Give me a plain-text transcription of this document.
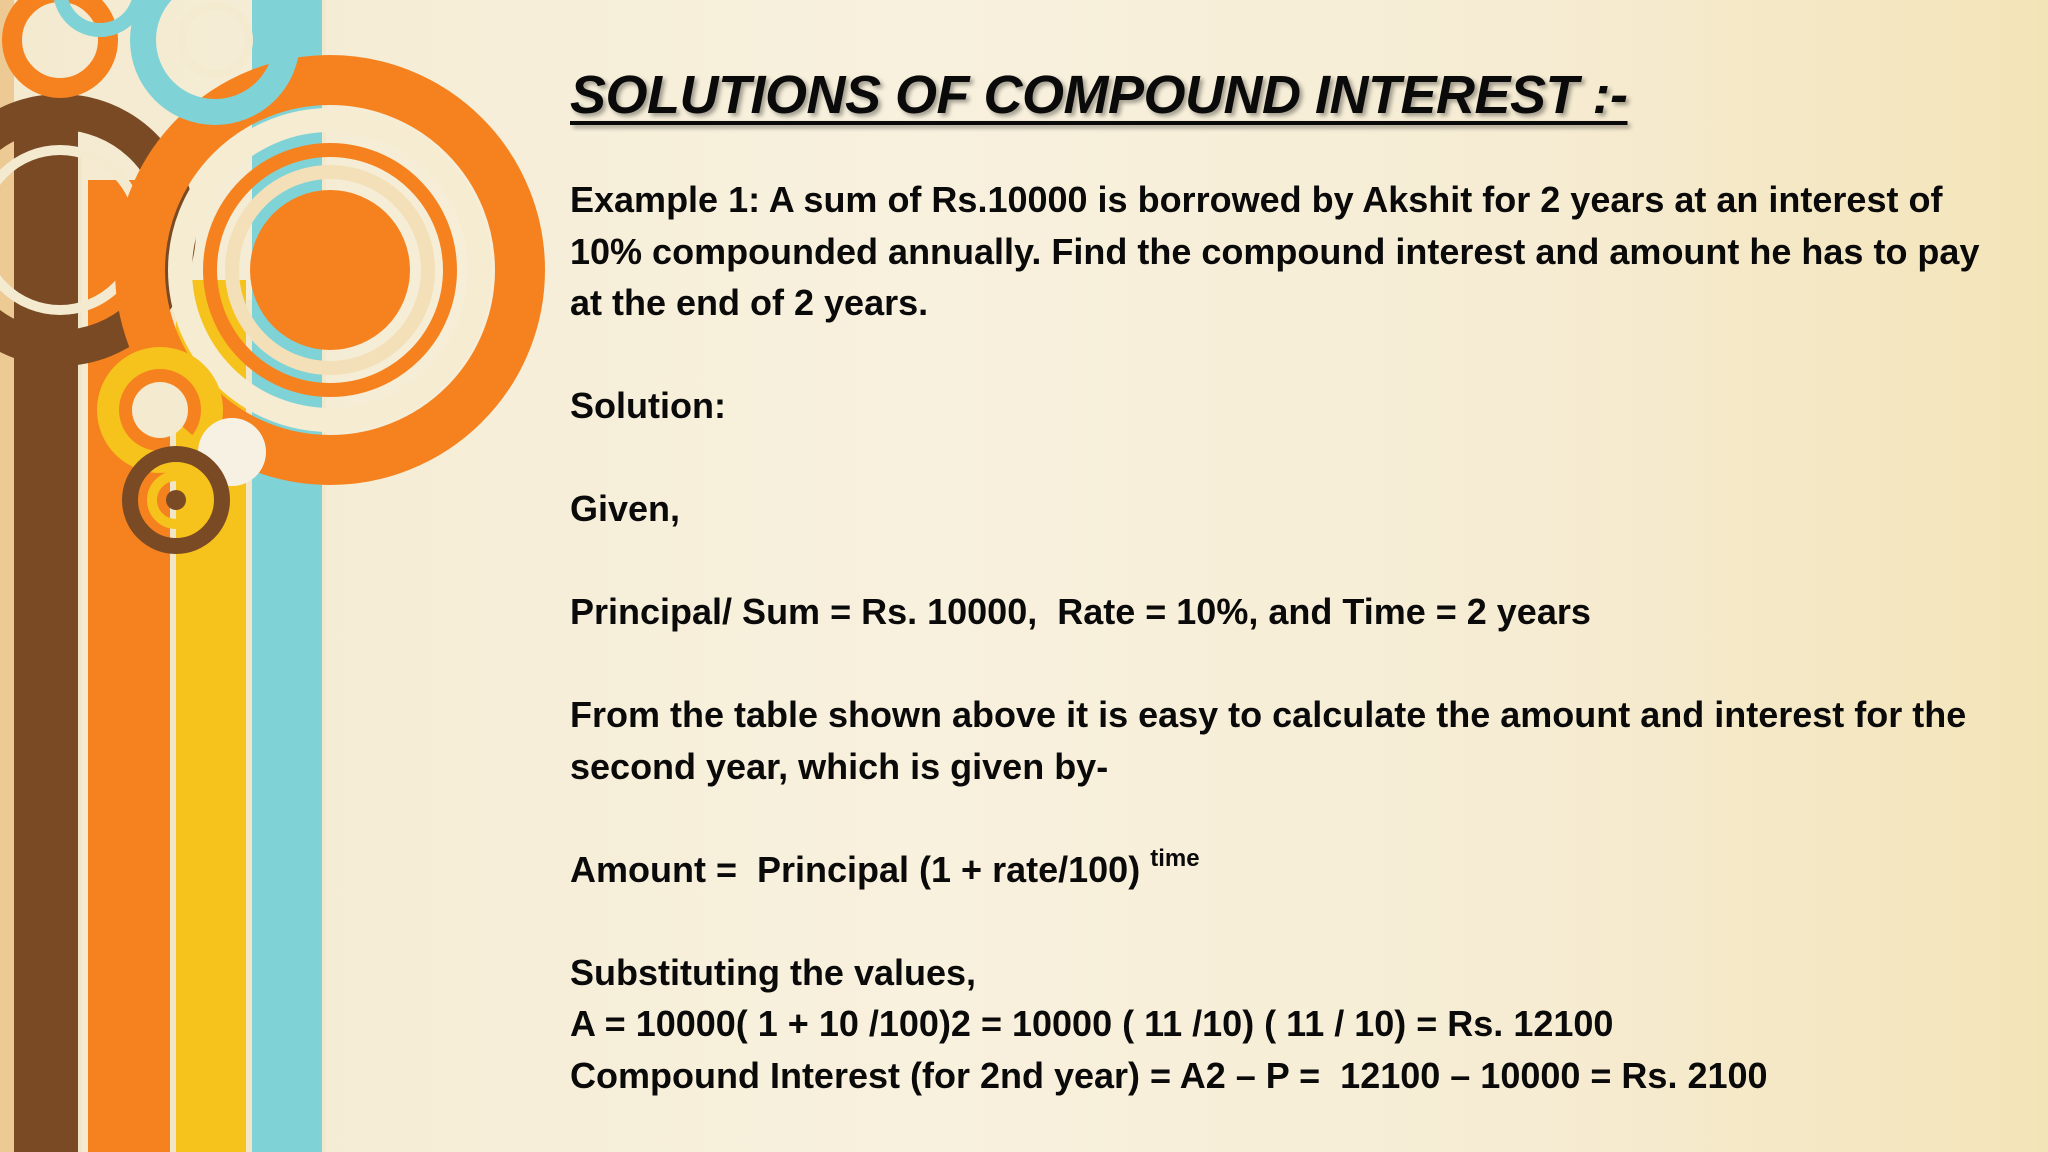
SOLUTIONS OF COMPOUND INTEREST :-
Example 1: A sum of Rs.10000 is borrowed by Akshit for 2 years at an interest of
10% compounded annually. Find the compound interest and amount he has to pay
at the end of 2 years.
Solution:
Given,
Principal/ Sum = Rs. 10000,  Rate = 10%, and Time = 2 years
From the table shown above it is easy to calculate the amount and interest for the
second year, which is given by-
Amount =  Principal (1 + rate/100) $^{time}$
Substituting the values,
A = 10000( 1 + 10 /100)2 = 10000 ( 11 /10) ( 11 / 10) = Rs. 12100
Compound Interest (for 2nd year) = A2 – P =  12100 – 10000 = Rs. 2100
